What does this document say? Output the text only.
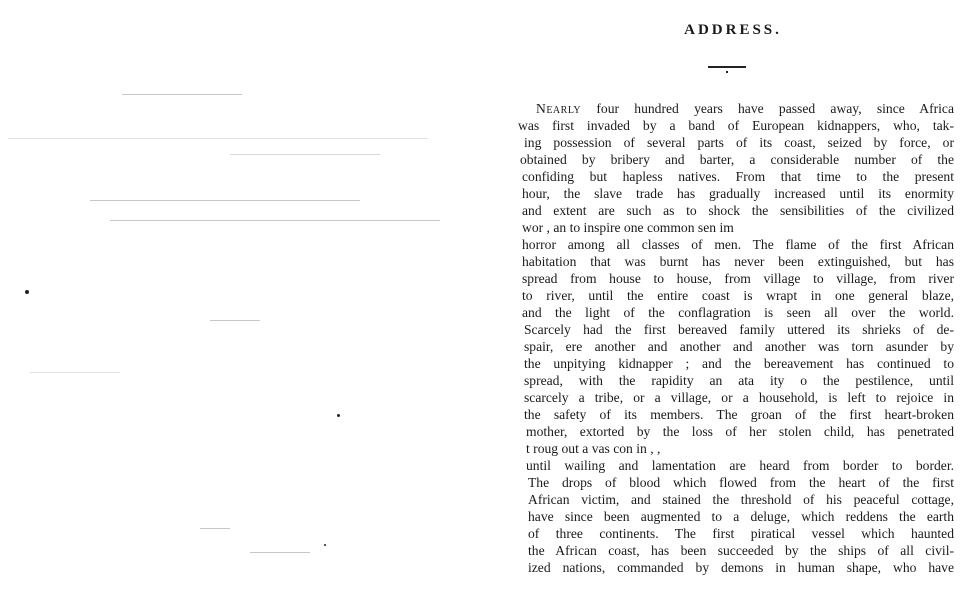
ADDRESS.
Nearly four hundred years have passed away, since Africa
was first invaded by a band of European kidnappers, who, tak-
ing possession of several parts of its coast, seized by force, or
obtained by bribery and barter, a considerable number of the
confiding but hapless natives. From that time to the present
hour, the slave trade has gradually increased until its enormity
and extent are such as to shock the sensibilities of the civilized
wor , an to inspire one common sen im
horror among all classes of men. The flame of the first African
habitation that was burnt has never been extinguished, but has
spread from house to house, from village to village, from river
to river, until the entire coast is wrapt in one general blaze,
and the light of the conflagration is seen all over the world.
Scarcely had the first bereaved family uttered its shrieks of de-
spair, ere another and another and another was torn asunder by
the unpitying kidnapper ; and the bereavement has continued to
spread, with the rapidity an ata ity o the pestilence, until
scarcely a tribe, or a village, or a household, is left to rejoice in
the safety of its members. The groan of the first heart-broken
mother, extorted by the loss of her stolen child, has penetrated
t roug out a vas con in , ,
until wailing and lamentation are heard from border to border.
The drops of blood which flowed from the heart of the first
African victim, and stained the threshold of his peaceful cottage,
have since been augmented to a deluge, which reddens the earth
of three continents. The first piratical vessel which haunted
the African coast, has been succeeded by the ships of all civil-
ized nations, commanded by demons in human shape, who have
